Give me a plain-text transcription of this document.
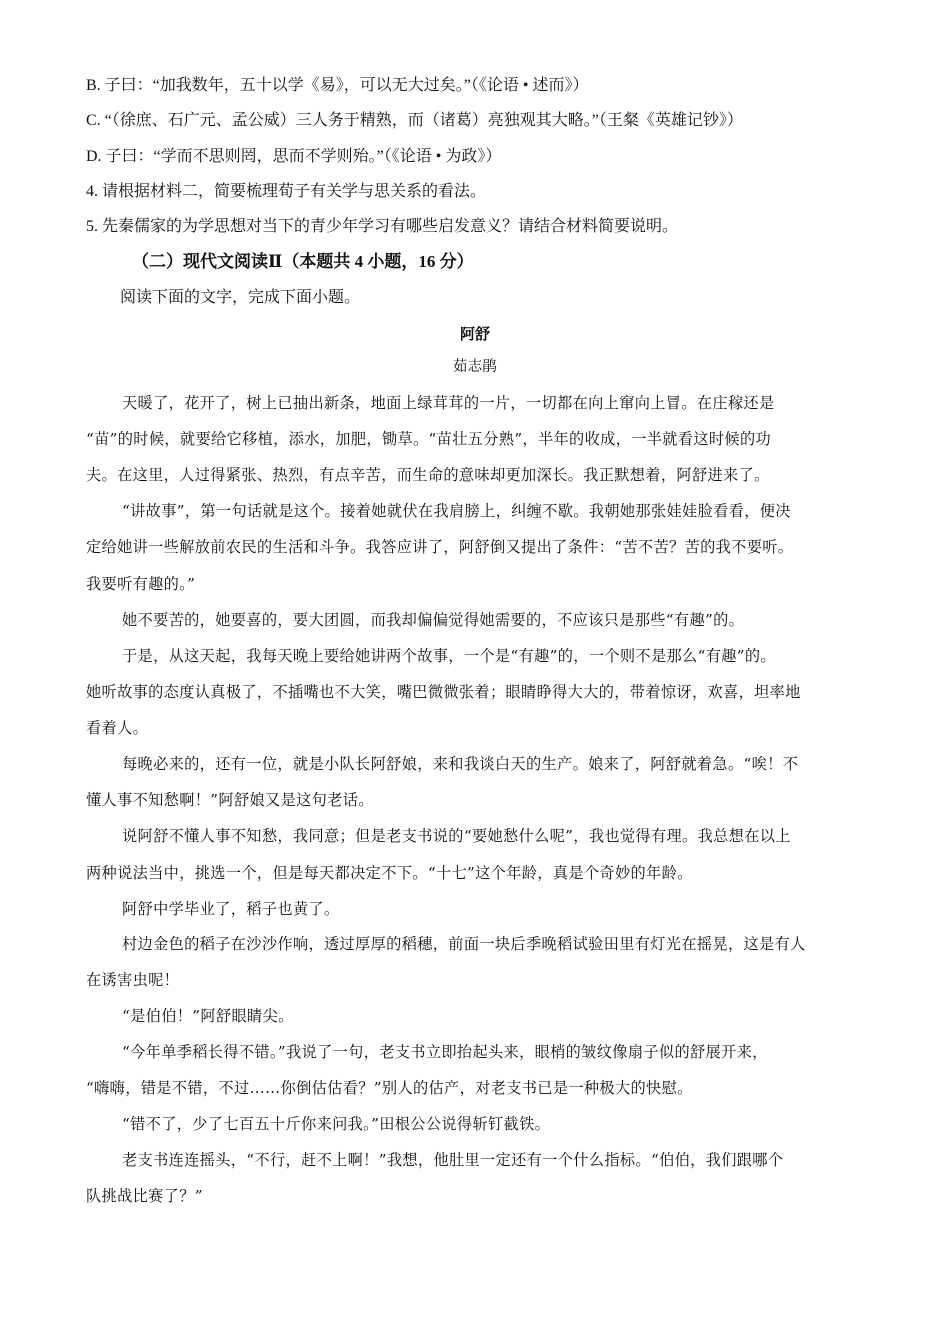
B. 子曰：“加我数年，五十以学《易》，可以无大过矣。”（《论语 • 述而》）
C. “（徐庶、石广元、孟公威）三人务于精熟，而（诸葛）亮独观其大略。”（王粲《英雄记钞》）
D. 子曰：“学而不思则罔，思而不学则殆。”（《论语 • 为政》）
4. 请根据材料二，简要梳理荀子有关学与思关系的看法。
5. 先秦儒家的为学思想对当下的青少年学习有哪些启发意义？请结合材料简要说明。
（二）现代文阅读Ⅱ（本题共 4 小题，16 分）
阅读下面的文字，完成下面小题。
阿舒
茹志鹃
天暖了，花开了，树上已抽出新条，地面上绿茸茸的一片，一切都在向上窜向上冒。在庄稼还是
“苗”的时候，就要给它移植，添水，加肥，锄草。“苗壮五分熟”，半年的收成，一半就看这时候的功
夫。在这里，人过得紧张、热烈，有点辛苦，而生命的意味却更加深长。我正默想着，阿舒进来了。
“讲故事”，第一句话就是这个。接着她就伏在我肩膀上，纠缠不歇。我朝她那张娃娃脸看看，便决
定给她讲一些解放前农民的生活和斗争。我答应讲了，阿舒倒又提出了条件：“苦不苦？苦的我不要听。
我要听有趣的。”
她不要苦的，她要喜的，要大团圆，而我却偏偏觉得她需要的，不应该只是那些“有趣”的。
于是，从这天起，我每天晚上要给她讲两个故事，一个是“有趣”的，一个则不是那么“有趣”的。
她听故事的态度认真极了，不插嘴也不大笑，嘴巴微微张着；眼睛睁得大大的，带着惊讶，欢喜，坦率地
看着人。
每晚必来的，还有一位，就是小队长阿舒娘，来和我谈白天的生产。娘来了，阿舒就着急。“唉！不
懂人事不知愁啊！”阿舒娘又是这句老话。
说阿舒不懂人事不知愁，我同意；但是老支书说的“要她愁什么呢”，我也觉得有理。我总想在以上
两种说法当中，挑选一个，但是每天都决定不下。“十七”这个年龄，真是个奇妙的年龄。
阿舒中学毕业了，稻子也黄了。
村边金色的稻子在沙沙作响，透过厚厚的稻穗，前面一块后季晚稻试验田里有灯光在摇晃，这是有人
在诱害虫呢！
“是伯伯！”阿舒眼睛尖。
“今年单季稻长得不错。”我说了一句，老支书立即抬起头来，眼梢的皱纹像扇子似的舒展开来，
“嗨嗨，错是不错，不过……你倒估估看？”别人的估产，对老支书已是一种极大的快慰。
“错不了，少了七百五十斤你来问我。”田根公公说得斩钉截铁。
老支书连连摇头，“不行，赶不上啊！”我想，他肚里一定还有一个什么指标。“伯伯，我们跟哪个
队挑战比赛了？”
